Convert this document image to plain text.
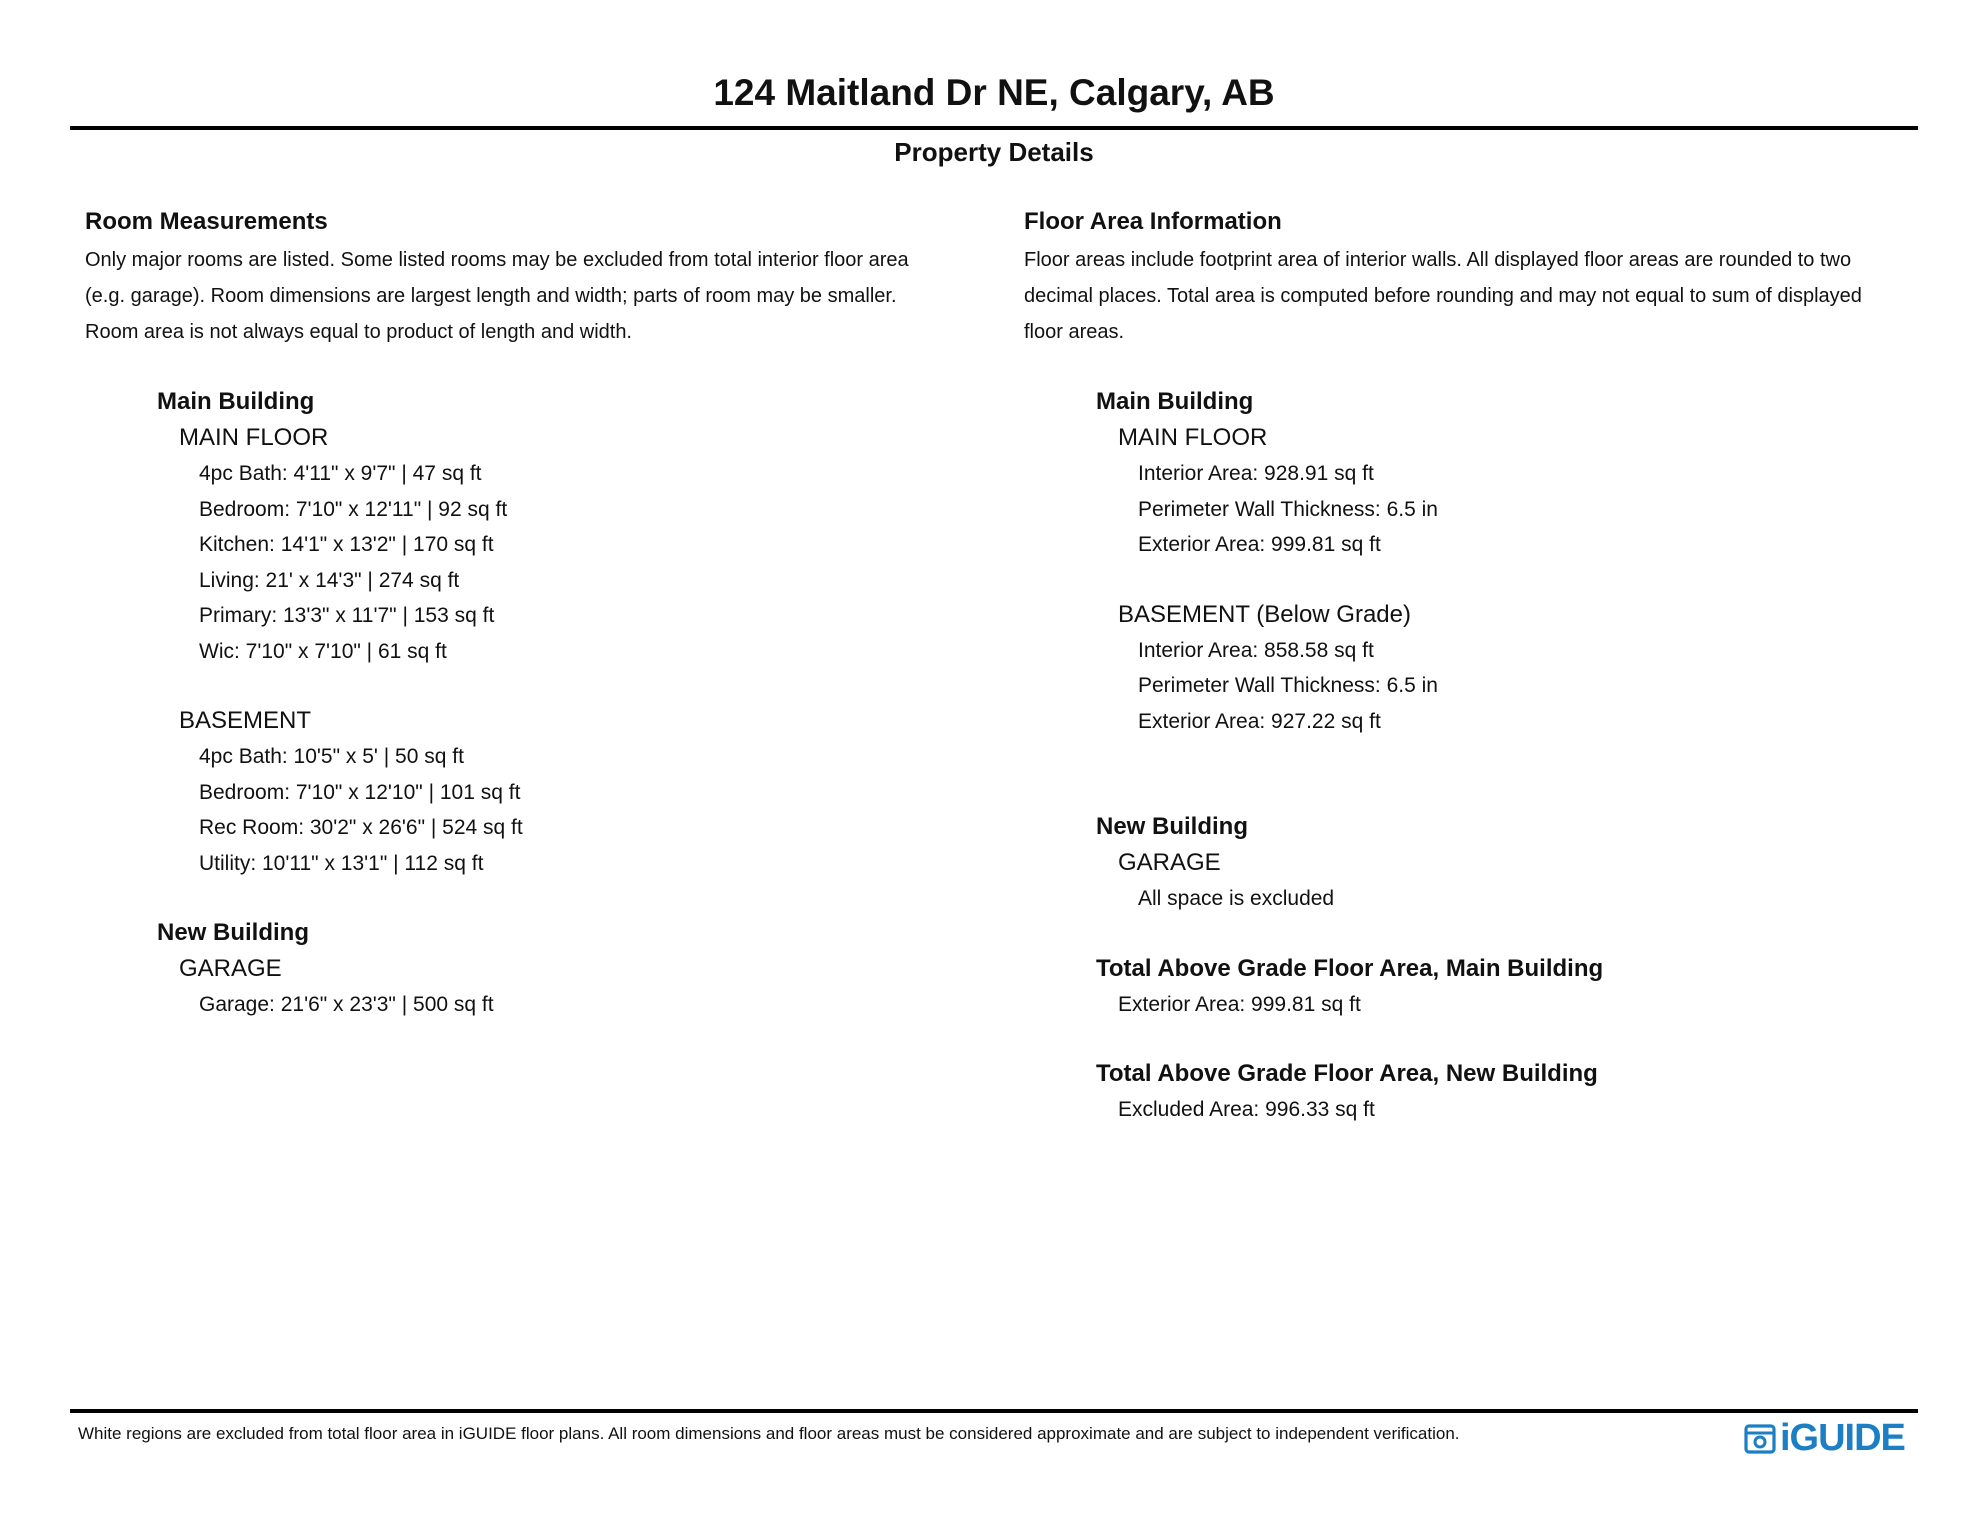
124 Maitland Dr NE, Calgary, AB
Property Details
Room Measurements
Only major rooms are listed. Some listed rooms may be excluded from total interior floor area
(e.g. garage). Room dimensions are largest length and width; parts of room may be smaller.
Room area is not always equal to product of length and width.
Main Building
MAIN FLOOR
4pc Bath: 4'11" x 9'7" | 47 sq ft
Bedroom: 7'10" x 12'11" | 92 sq ft
Kitchen: 14'1" x 13'2" | 170 sq ft
Living: 21' x 14'3" | 274 sq ft
Primary: 13'3" x 11'7" | 153 sq ft
Wic: 7'10" x 7'10" | 61 sq ft
BASEMENT
4pc Bath: 10'5" x 5' | 50 sq ft
Bedroom: 7'10" x 12'10" | 101 sq ft
Rec Room: 30'2" x 26'6" | 524 sq ft
Utility: 10'11" x 13'1" | 112 sq ft
New Building
GARAGE
Garage: 21'6" x 23'3" | 500 sq ft
Floor Area Information
Floor areas include footprint area of interior walls. All displayed floor areas are rounded to two
decimal places. Total area is computed before rounding and may not equal to sum of displayed
floor areas.
Main Building
MAIN FLOOR
Interior Area: 928.91 sq ft
Perimeter Wall Thickness: 6.5 in
Exterior Area: 999.81 sq ft
BASEMENT (Below Grade)
Interior Area: 858.58 sq ft
Perimeter Wall Thickness: 6.5 in
Exterior Area: 927.22 sq ft
New Building
GARAGE
All space is excluded
Total Above Grade Floor Area, Main Building
Exterior Area: 999.81 sq ft
Total Above Grade Floor Area, New Building
Excluded Area: 996.33 sq ft
White regions are excluded from total floor area in iGUIDE floor plans. All room dimensions and floor areas must be considered approximate and are subject to independent verification.	iGUIDE
